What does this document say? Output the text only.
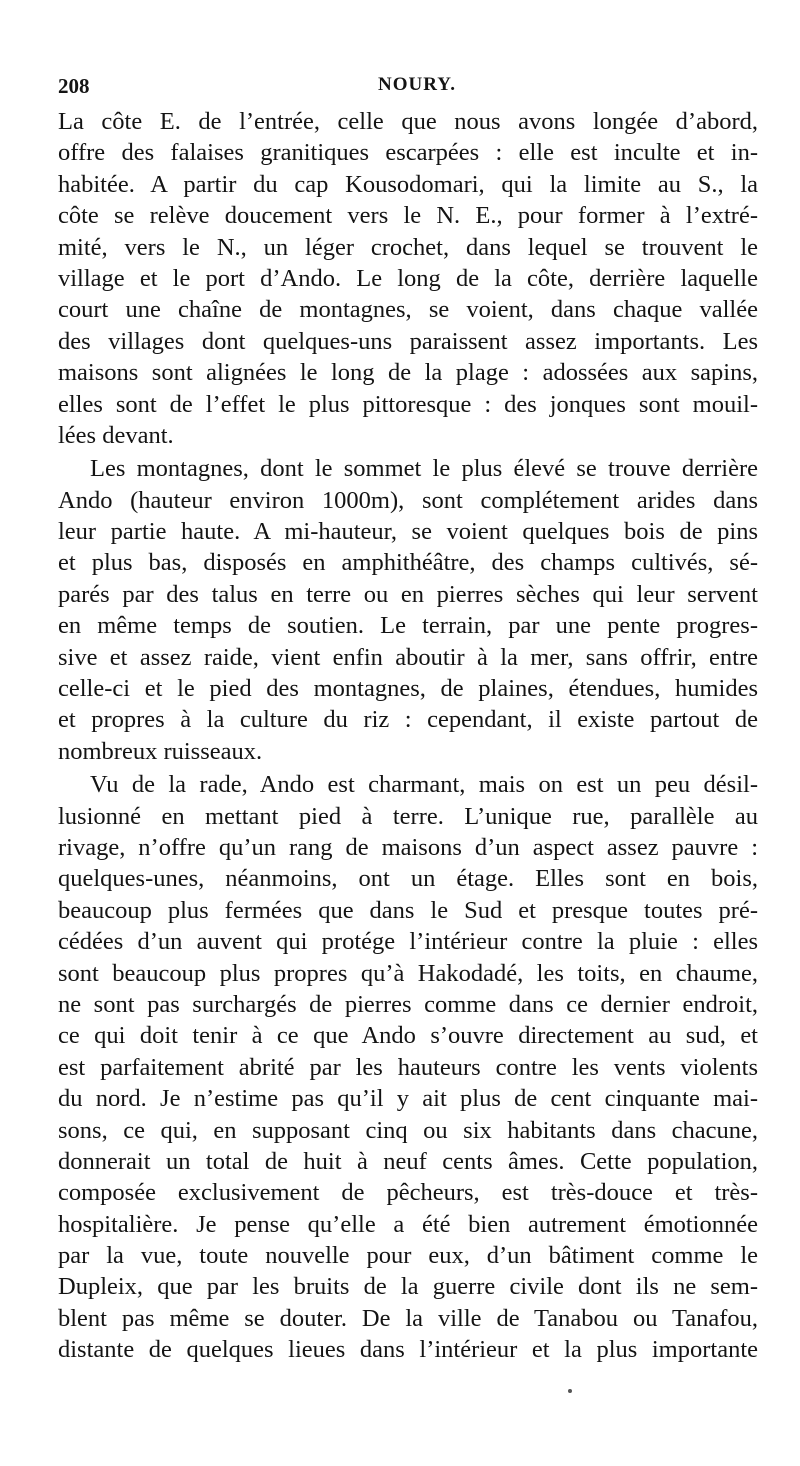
208	NOURY.
La côte E. de l’entrée, celle que nous avons longée d’abord,
offre des falaises granitiques escarpées : elle est inculte et in-
habitée. A partir du cap Kousodomari, qui la limite au S., la
côte se relève doucement vers le N. E., pour former à l’extré-
mité, vers le N., un léger crochet, dans lequel se trouvent le
village et le port d’Ando. Le long de la côte, derrière laquelle
court une chaîne de montagnes, se voient, dans chaque vallée
des villages dont quelques-uns paraissent assez importants. Les
maisons sont alignées le long de la plage : adossées aux sapins,
elles sont de l’effet le plus pittoresque : des jonques sont mouil-
lées devant.
Les montagnes, dont le sommet le plus élevé se trouve derrière
Ando (hauteur environ 1000m), sont complétement arides dans
leur partie haute. A mi-hauteur, se voient quelques bois de pins
et plus bas, disposés en amphithéâtre, des champs cultivés, sé-
parés par des talus en terre ou en pierres sèches qui leur servent
en même temps de soutien. Le terrain, par une pente progres-
sive et assez raide, vient enfin aboutir à la mer, sans offrir, entre
celle-ci et le pied des montagnes, de plaines, étendues, humides
et propres à la culture du riz : cependant, il existe partout de
nombreux ruisseaux.
Vu de la rade, Ando est charmant, mais on est un peu désil-
lusionné en mettant pied à terre. L’unique rue, parallèle au
rivage, n’offre qu’un rang de maisons d’un aspect assez pauvre :
quelques-unes, néanmoins, ont un étage. Elles sont en bois,
beaucoup plus fermées que dans le Sud et presque toutes pré-
cédées d’un auvent qui protége l’intérieur contre la pluie : elles
sont beaucoup plus propres qu’à Hakodadé, les toits, en chaume,
ne sont pas surchargés de pierres comme dans ce dernier endroit,
ce qui doit tenir à ce que Ando s’ouvre directement au sud, et
est parfaitement abrité par les hauteurs contre les vents violents
du nord. Je n’estime pas qu’il y ait plus de cent cinquante mai-
sons, ce qui, en supposant cinq ou six habitants dans chacune,
donnerait un total de huit à neuf cents âmes. Cette population,
composée exclusivement de pêcheurs, est très-douce et très-
hospitalière. Je pense qu’elle a été bien autrement émotionnée
par la vue, toute nouvelle pour eux, d’un bâtiment comme le
Dupleix, que par les bruits de la guerre civile dont ils ne sem-
blent pas même se douter. De la ville de Tanabou ou Tanafou,
distante de quelques lieues dans l’intérieur et la plus importante
